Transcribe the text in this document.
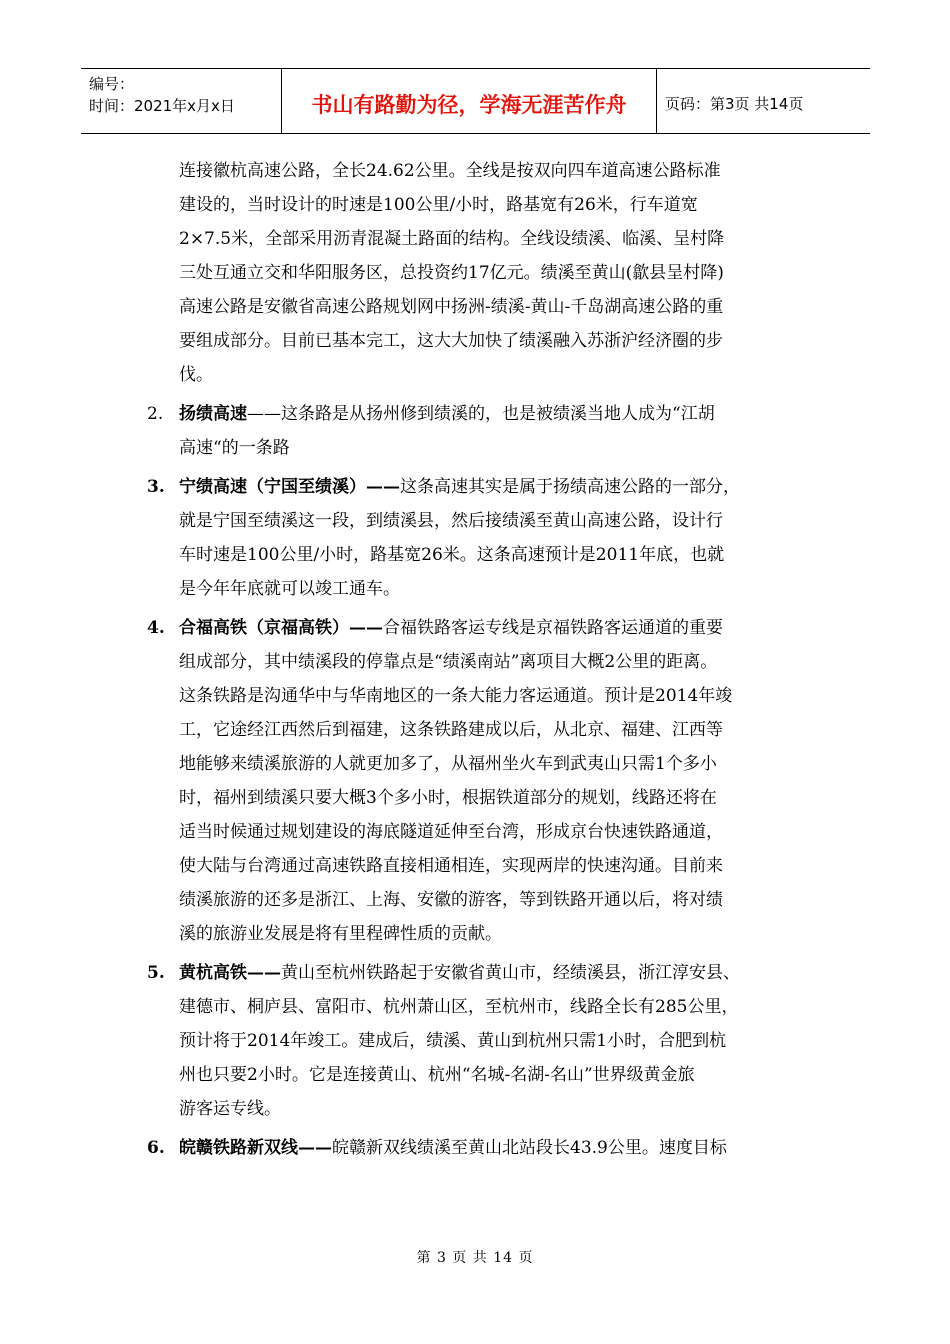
编号：
时间：2021年x月x日	书山有路勤为径，学海无涯苦作舟	页码：第3页 共14页
连接徽杭高速公路，全长24.62公里。全线是按双向四车道高速公路标准
建设的，当时设计的时速是100公里/小时，路基宽有26米，行车道宽
2×7.5米，全部采用沥青混凝土路面的结构。全线设绩溪、临溪、呈村降
三处互通立交和华阳服务区，总投资约17亿元。绩溪至黄山(歙县呈村降)
高速公路是安徽省高速公路规划网中扬洲-绩溪-黄山-千岛湖高速公路的重
要组成部分。目前已基本完工，这大大加快了绩溪融入苏浙沪经济圈的步
伐。
2. 扬绩高速——这条路是从扬州修到绩溪的，也是被绩溪当地人成为“江胡
高速“的一条路
3. 宁绩高速（宁国至绩溪）——这条高速其实是属于扬绩高速公路的一部分，
就是宁国至绩溪这一段，到绩溪县，然后接绩溪至黄山高速公路，设计行
车时速是100公里/小时，路基宽26米。这条高速预计是2011年底，也就
是今年年底就可以竣工通车。
4. 合福高铁（京福高铁）——合福铁路客运专线是京福铁路客运通道的重要
组成部分，其中绩溪段的停靠点是“绩溪南站”离项目大概2公里的距离。
这条铁路是沟通华中与华南地区的一条大能力客运通道。预计是2014年竣
工，它途经江西然后到福建，这条铁路建成以后，从北京、福建、江西等
地能够来绩溪旅游的人就更加多了，从福州坐火车到武夷山只需1个多小
时，福州到绩溪只要大概3个多小时，根据铁道部分的规划，线路还将在
适当时候通过规划建设的海底隧道延伸至台湾，形成京台快速铁路通道，
使大陆与台湾通过高速铁路直接相通相连，实现两岸的快速沟通。目前来
绩溪旅游的还多是浙江、上海、安徽的游客，等到铁路开通以后，将对绩
溪的旅游业发展是将有里程碑性质的贡献。
5. 黄杭高铁——黄山至杭州铁路起于安徽省黄山市，经绩溪县，浙江淳安县、
建德市、桐庐县、富阳市、杭州萧山区，至杭州市，线路全长有285公里，
预计将于2014年竣工。建成后，绩溪、黄山到杭州只需1小时，合肥到杭
州也只要2小时。它是连接黄山、杭州“名城-名湖-名山”世界级黄金旅
游客运专线。
6. 皖赣铁路新双线——皖赣新双线绩溪至黄山北站段长43.9公里。速度目标
第 3 页 共 14 页
